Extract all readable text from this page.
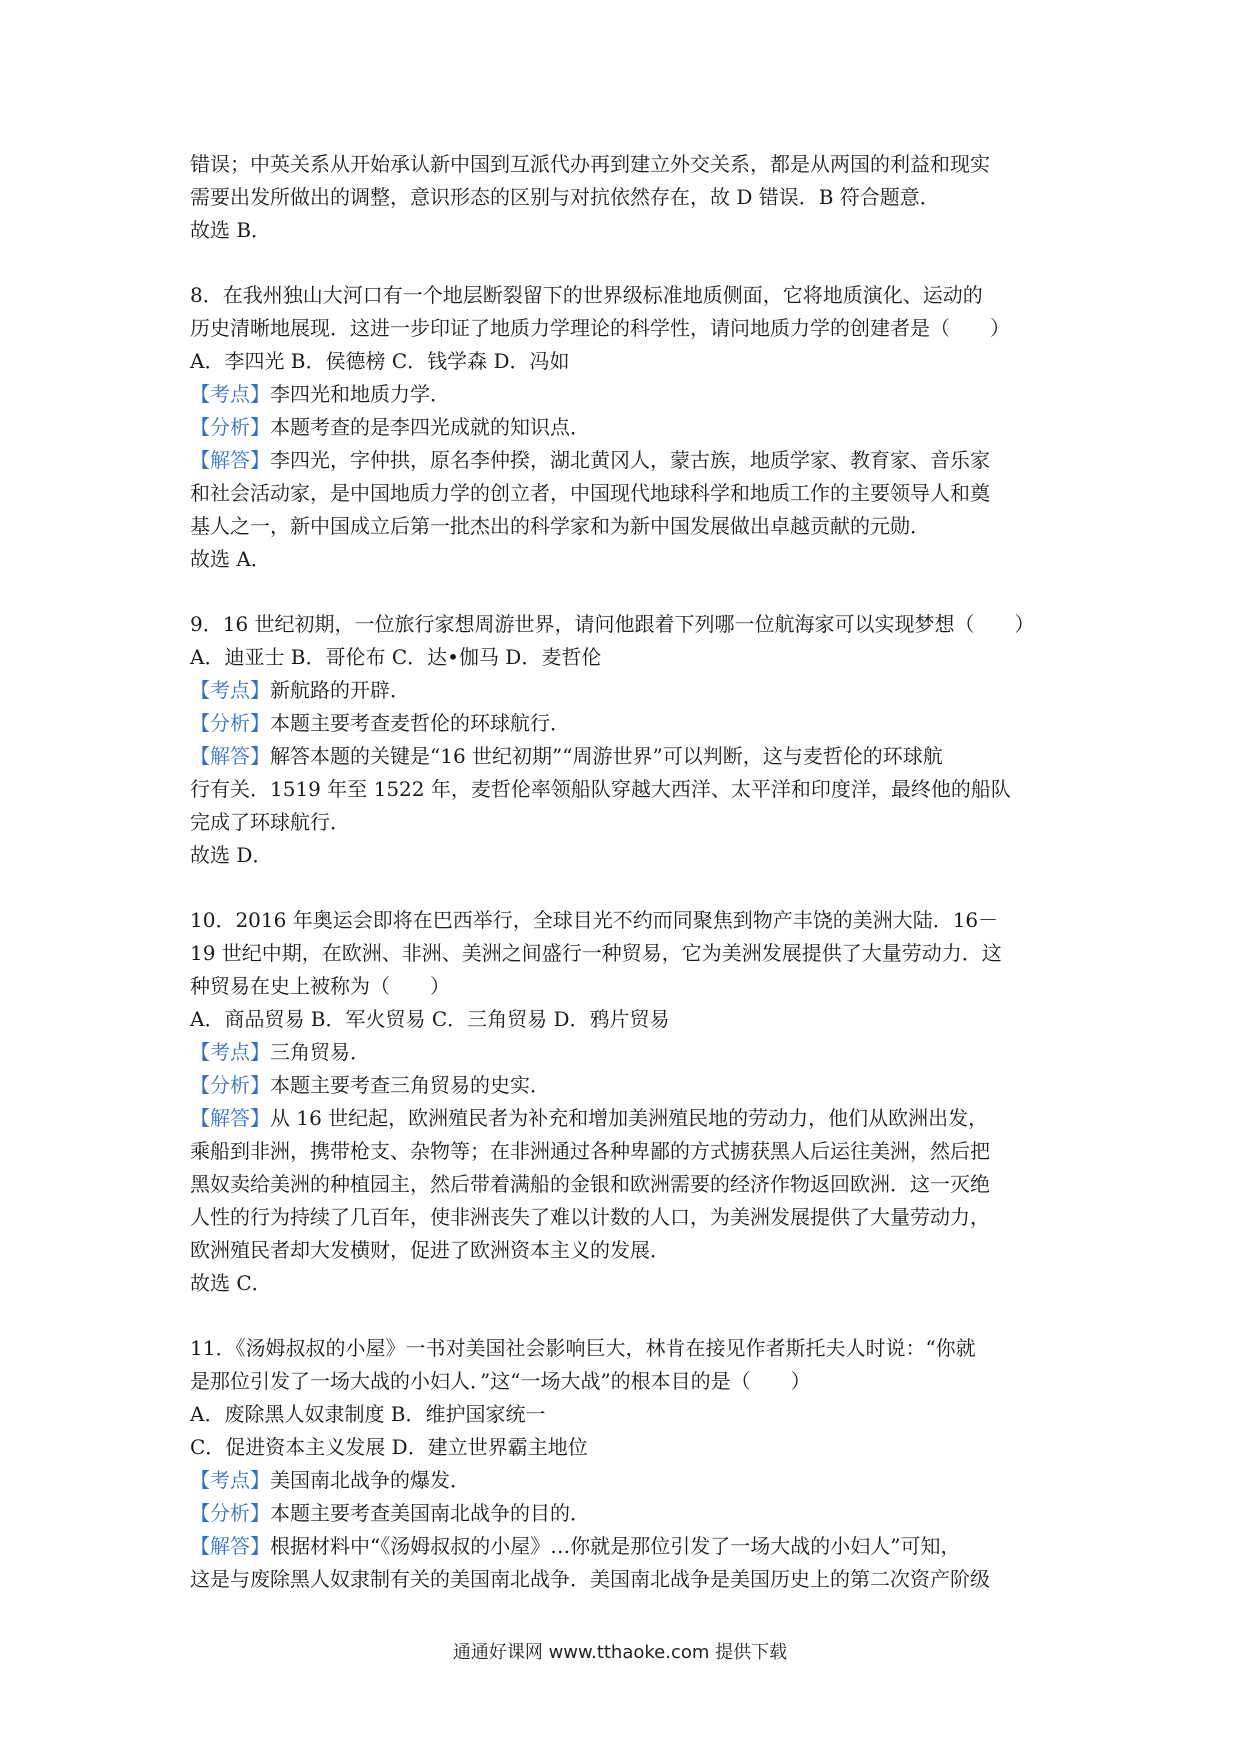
错误；中英关系从开始承认新中国到互派代办再到建立外交关系，都是从两国的利益和现实
需要出发所做出的调整，意识形态的区别与对抗依然存在，故 D 错误．B 符合题意．
故选 B．
8．在我州独山大河口有一个地层断裂留下的世界级标准地质侧面，它将地质演化、运动的
历史清晰地展现．这进一步印证了地质力学理论的科学性，请问地质力学的创建者是（　　）
A．李四光 B．侯德榜 C．钱学森 D．冯如
【考点】李四光和地质力学．
【分析】本题考查的是李四光成就的知识点．
【解答】李四光，字仲拱，原名李仲揆，湖北黄冈人，蒙古族，地质学家、教育家、音乐家
和社会活动家，是中国地质力学的创立者，中国现代地球科学和地质工作的主要领导人和奠
基人之一，新中国成立后第一批杰出的科学家和为新中国发展做出卓越贡献的元勋．
故选 A．
9．16 世纪初期，一位旅行家想周游世界，请问他跟着下列哪一位航海家可以实现梦想（　　）
A．迪亚士 B．哥伦布 C．达•伽马 D．麦哲伦
【考点】新航路的开辟．
【分析】本题主要考查麦哲伦的环球航行．
【解答】解答本题的关键是“16 世纪初期”“周游世界”可以判断，这与麦哲伦的环球航
行有关．1519 年至 1522 年，麦哲伦率领船队穿越大西洋、太平洋和印度洋，最终他的船队
完成了环球航行．
故选 D．
10．2016 年奥运会即将在巴西举行，全球目光不约而同聚焦到物产丰饶的美洲大陆．16－
19 世纪中期，在欧洲、非洲、美洲之间盛行一种贸易，它为美洲发展提供了大量劳动力．这
种贸易在史上被称为（　　）
A．商品贸易 B．军火贸易 C．三角贸易 D．鸦片贸易
【考点】三角贸易．
【分析】本题主要考查三角贸易的史实．
【解答】从 16 世纪起，欧洲殖民者为补充和增加美洲殖民地的劳动力，他们从欧洲出发，
乘船到非洲，携带枪支、杂物等；在非洲通过各种卑鄙的方式掳获黑人后运往美洲，然后把
黑奴卖给美洲的种植园主，然后带着满船的金银和欧洲需要的经济作物返回欧洲．这一灭绝
人性的行为持续了几百年，使非洲丧失了难以计数的人口，为美洲发展提供了大量劳动力，
欧洲殖民者却大发横财，促进了欧洲资本主义的发展．
故选 C．
11．《汤姆叔叔的小屋》一书对美国社会影响巨大，林肯在接见作者斯托夫人时说：“你就
是那位引发了一场大战的小妇人．”这“一场大战”的根本目的是（　　）
A．废除黑人奴隶制度 B．维护国家统一
C．促进资本主义发展 D．建立世界霸主地位
【考点】美国南北战争的爆发．
【分析】本题主要考查美国南北战争的目的．
【解答】根据材料中“《汤姆叔叔的小屋》…你就是那位引发了一场大战的小妇人”可知，
这是与废除黑人奴隶制有关的美国南北战争．美国南北战争是美国历史上的第二次资产阶级
通通好课网 www.tthaoke.com 提供下载
